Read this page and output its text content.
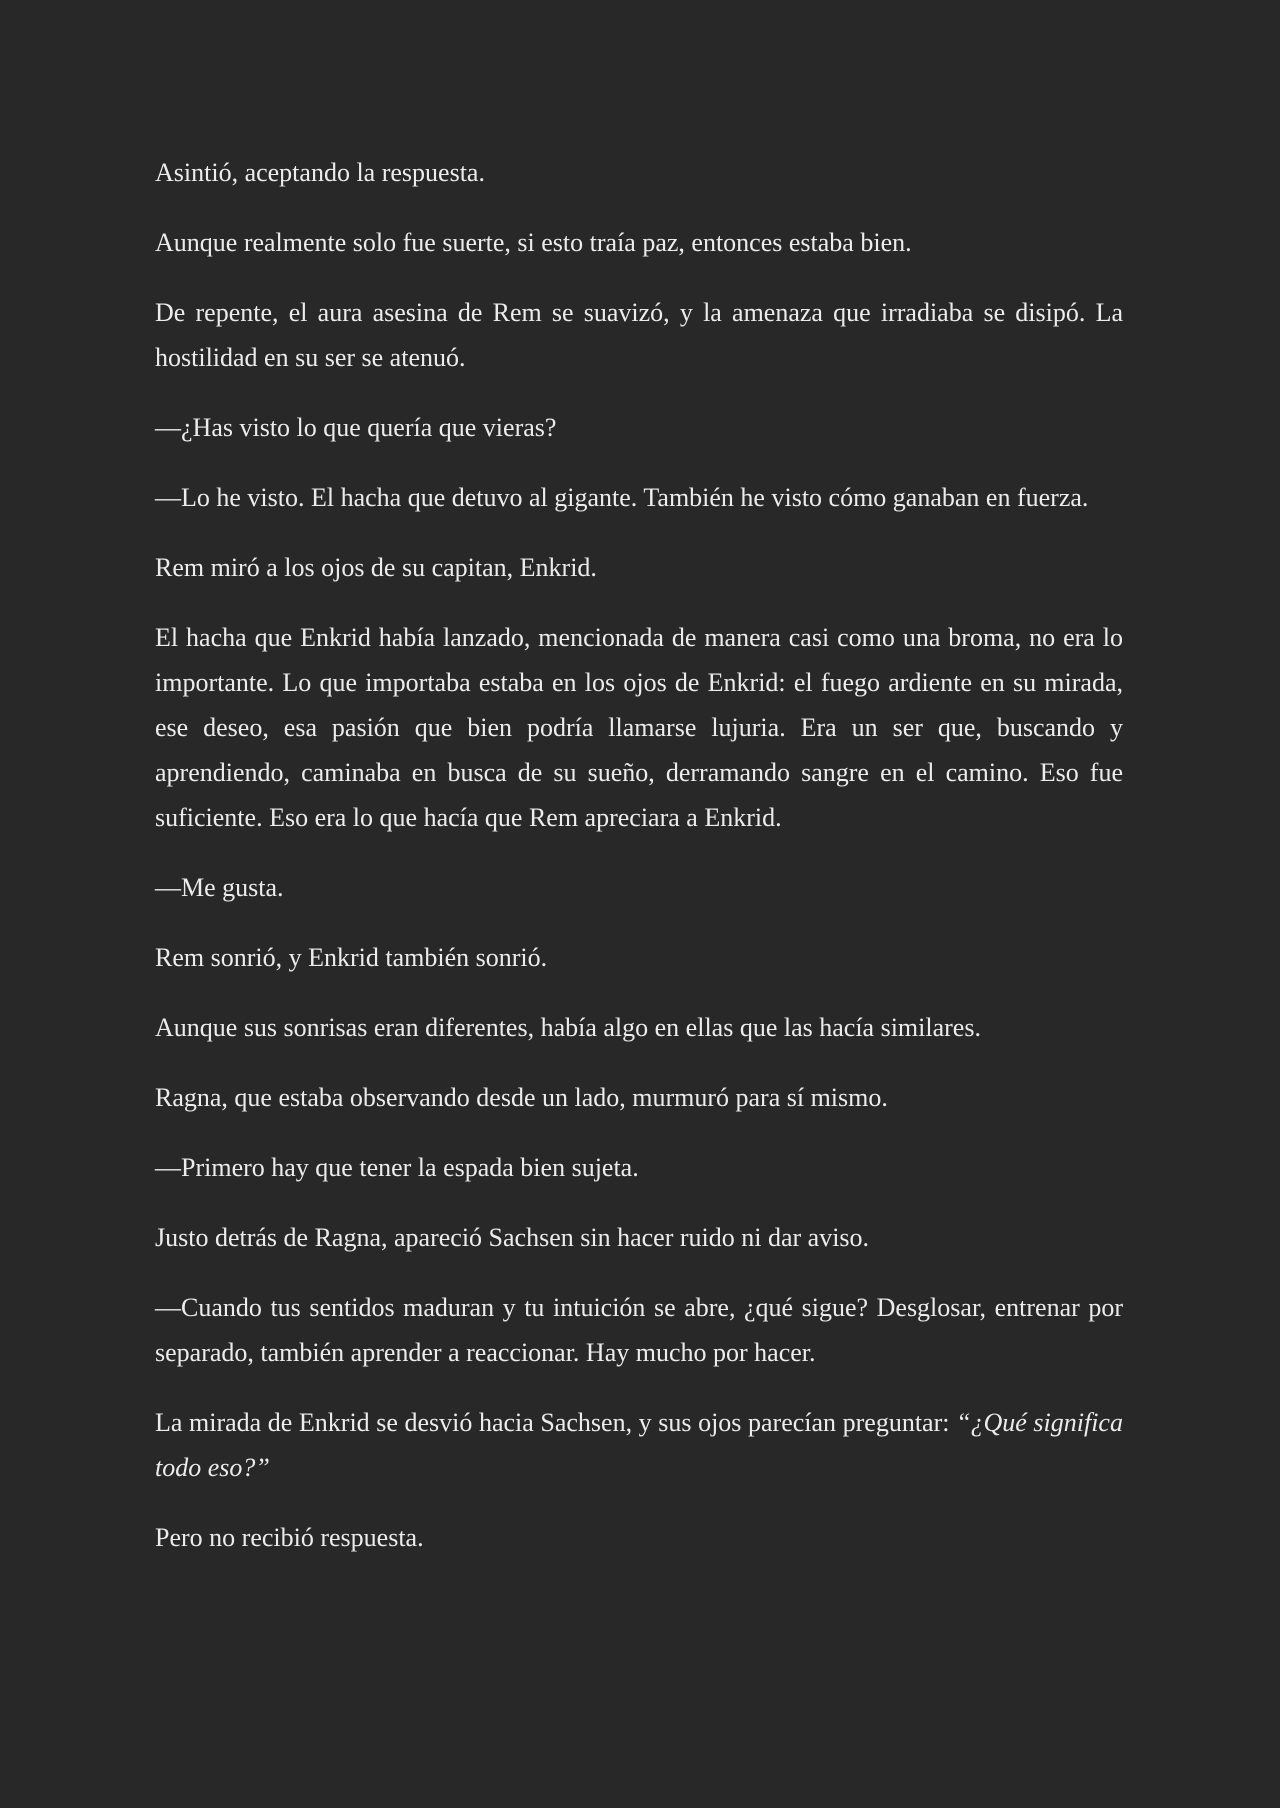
Asintió, aceptando la respuesta.

Aunque realmente solo fue suerte, si esto traía paz, entonces estaba bien.

De repente, el aura asesina de Rem se suavizó, y la amenaza que irradiaba se disipó. La hostilidad en su ser se atenuó.

—¿Has visto lo que quería que vieras?

—Lo he visto. El hacha que detuvo al gigante. También he visto cómo ganaban en fuerza.

Rem miró a los ojos de su capitan, Enkrid.

El hacha que Enkrid había lanzado, mencionada de manera casi como una broma, no era lo importante. Lo que importaba estaba en los ojos de Enkrid: el fuego ardiente en su mirada, ese deseo, esa pasión que bien podría llamarse lujuria. Era un ser que, buscando y aprendiendo, caminaba en busca de su sueño, derramando sangre en el camino. Eso fue suficiente. Eso era lo que hacía que Rem apreciara a Enkrid.

—Me gusta.

Rem sonrió, y Enkrid también sonrió.

Aunque sus sonrisas eran diferentes, había algo en ellas que las hacía similares.

Ragna, que estaba observando desde un lado, murmuró para sí mismo.

—Primero hay que tener la espada bien sujeta.

Justo detrás de Ragna, apareció Sachsen sin hacer ruido ni dar aviso.

—Cuando tus sentidos maduran y tu intuición se abre, ¿qué sigue? Desglosar, entrenar por separado, también aprender a reaccionar. Hay mucho por hacer.

La mirada de Enkrid se desvió hacia Sachsen, y sus ojos parecían preguntar: “¿Qué significa todo eso?”

Pero no recibió respuesta.
